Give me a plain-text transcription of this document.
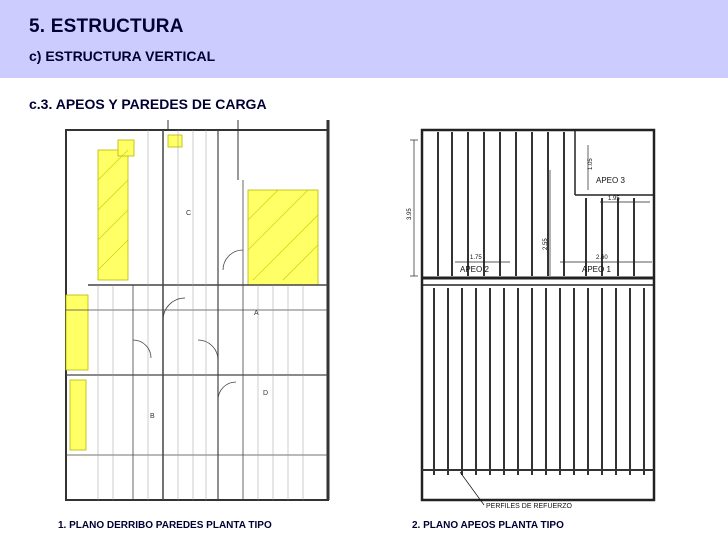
5. ESTRUCTURA

c) ESTRUCTURA VERTICAL

c.3. APEOS Y PAREDES DE CARGA

C
A
B
D
APEO 3
APEO 2	APEO 1
1.05
1.95
3.95
2.55
1.75	2.60
PERFILES DE REFUERZO

1. PLANO DERRIBO PAREDES PLANTA TIPO	2. PLANO APEOS PLANTA TIPO
